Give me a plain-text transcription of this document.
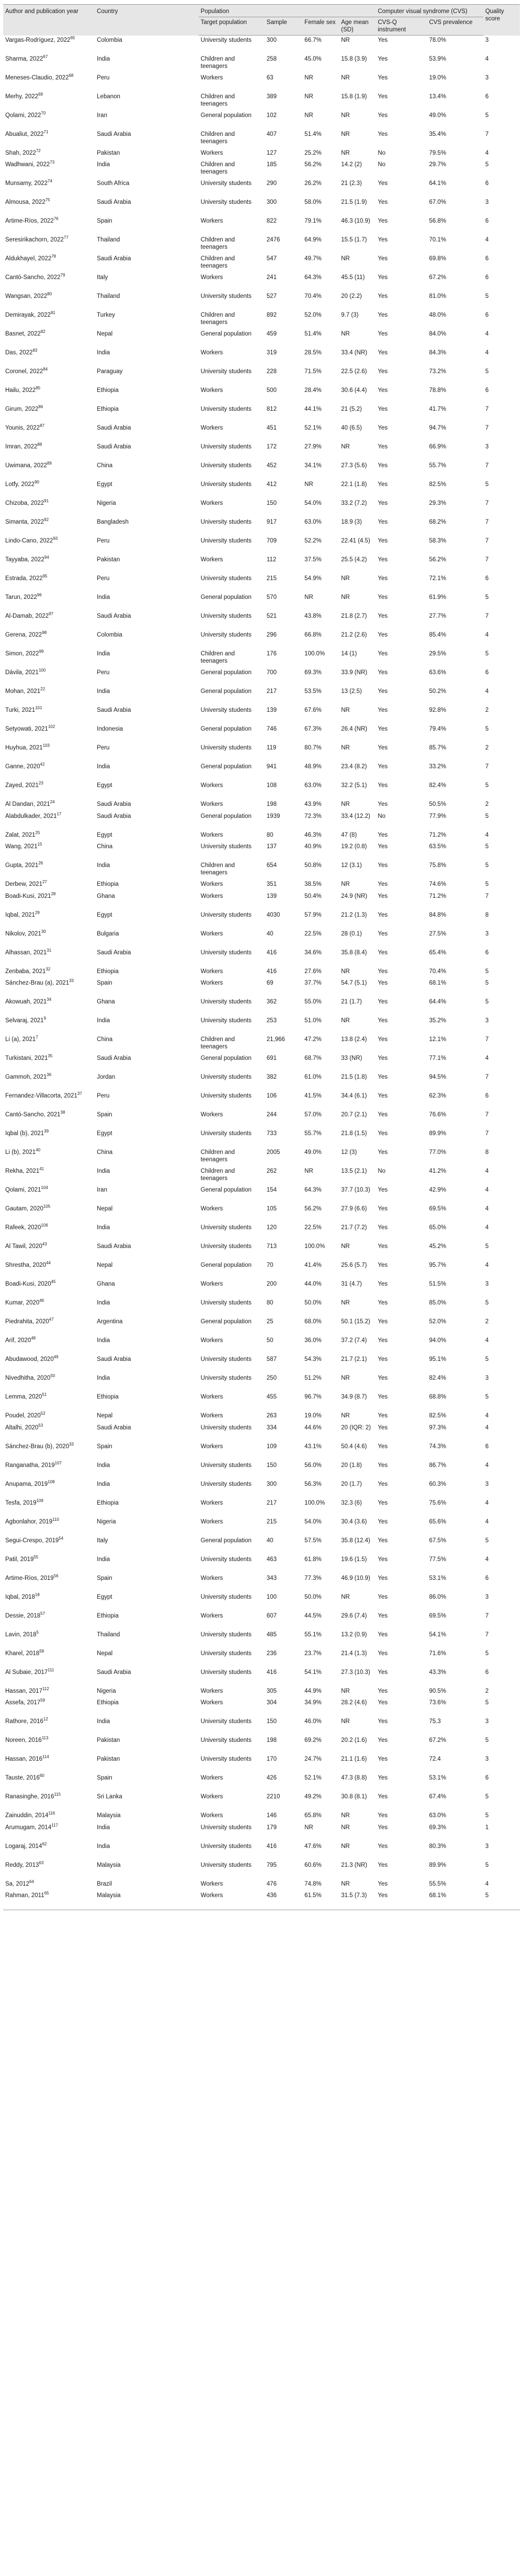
Author and publication year	Country	Population				Computer visual syndrome (CVS)		Quality score
		Target population	Sample	Female sex	Age mean (SD)	CVS-Q instrument	CVS prevalence	
Vargas-Rodríguez, 2022$^{65}$	Colombia	University students	300	66.7%	NR	Yes	78.0%	3
Sharma, 2022$^{67}$	India	Children and teenagers	258	45.0%	15.8 (3.9)	Yes	53.9%	4
Meneses-Claudio, 2022$^{68}$	Peru	Workers	63	NR	NR	Yes	19.0%	3
Merhy, 2022$^{69}$	Lebanon	Children and teenagers	389	NR	15.8 (1.9)	Yes	13.4%	6
Qolami, 2022$^{70}$	Iran	General population	102	NR	NR	Yes	49.0%	5
Abualiut, 2022$^{71}$	Saudi Arabia	Children and teenagers	407	51.4%	NR	Yes	35.4%	7
Shah, 2022$^{72}$	Pakistan	Workers	127	25.2%	NR	No	79.5%	4
Wadhwani, 2022$^{73}$	India	Children and teenagers	185	56.2%	14.2 (2)	No	29.7%	5
Munsamy, 2022$^{74}$	South Africa	University students	290	26.2%	21 (2.3)	Yes	64.1%	6
Almousa, 2022$^{75}$	Saudi Arabia	University students	300	58.0%	21.5 (1.9)	Yes	67.0%	3
Artime-Ríos, 2022$^{76}$	Spain	Workers	822	79.1%	46.3 (10.9)	Yes	56.8%	6
Seresirikachorn, 2022$^{77}$	Thailand	Children and teenagers	2476	64.9%	15.5 (1.7)	Yes	70.1%	4
Aldukhayel, 2022$^{78}$	Saudi Arabia	Children and teenagers	547	49.7%	NR	Yes	69.8%	6
Cantó-Sancho, 2022$^{79}$	Italy	Workers	241	64.3%	45.5 (11)	Yes	67.2%	6
Wangsan, 2022$^{80}$	Thailand	University students	527	70.4%	20 (2.2)	Yes	81.0%	5
Demirayak, 2022$^{81}$	Turkey	Children and teenagers	892	52.0%	9.7 (3)	Yes	48.0%	6
Basnet, 2022$^{82}$	Nepal	General population	459	51.4%	NR	Yes	84.0%	4
Das, 2022$^{83}$	India	Workers	319	28.5%	33.4 (NR)	Yes	84.3%	4
Coronel, 2022$^{84}$	Paraguay	University students	228	71.5%	22.5 (2.6)	Yes	73.2%	5
Hailu, 2022$^{85}$	Ethiopia	Workers	500	28.4%	30.6 (4.4)	Yes	78.8%	6
Girum, 2022$^{86}$	Ethiopia	University students	812	44.1%	21 (5.2)	Yes	41.7%	7
Younis, 2022$^{87}$	Saudi Arabia	Workers	451	52.1%	40 (6.5)	Yes	94.7%	7
Imran, 2022$^{88}$	Saudi Arabia	University students	172	27.9%	NR	Yes	66.9%	3
Uwimana, 2022$^{89}$	China	University students	452	34.1%	27.3 (5.6)	Yes	55.7%	7
Lotfy, 2022$^{90}$	Egypt	University students	412	NR	22.1 (1.8)	Yes	82.5%	5
Chizoba, 2022$^{91}$	Nigeria	Workers	150	54.0%	33.2 (7.2)	Yes	29.3%	7
Simanta, 2022$^{92}$	Bangladesh	University students	917	63.0%	18.9 (3)	Yes	68.2%	7
Lindo-Cano, 2022$^{93}$	Peru	University students	709	52.2%	22.41 (4.5)	Yes	58.3%	7
Tayyaba, 2022$^{94}$	Pakistan	Workers	112	37.5%	25.5 (4.2)	Yes	56.2%	7
Estrada, 2022$^{95}$	Peru	University students	215	54.9%	NR	Yes	72.1%	6
Tarun, 2022$^{96}$	India	General population	570	NR	NR	Yes	61.9%	5
Al-Damab, 2022$^{97}$	Saudi Arabia	University students	521	43.8%	21.8 (2.7)	Yes	27.7%	7
Gerena, 2022$^{98}$	Colombia	University students	296	66.8%	21.2 (2.6)	Yes	85.4%	4
Simon, 2022$^{99}$	India	Children and teenagers	176	100.0%	14 (1)	Yes	29.5%	5
Dávila, 2021$^{100}$	Peru	General population	700	69.3%	33.9 (NR)	Yes	63.6%	6
Mohan, 2021$^{22}$	India	General population	217	53.5%	13 (2.5)	Yes	50.2%	4
Turki, 2021$^{101}$	Saudi Arabia	University students	139	67.6%	NR	Yes	92.8%	2
Setyowati, 2021$^{102}$	Indonesia	General population	746	67.3%	26.4 (NR)	Yes	79.4%	5
Huyhua, 2021$^{103}$	Peru	University students	119	80.7%	NR	Yes	85.7%	2
Ganne, 2020$^{42}$	India	General population	941	48.9%	23.4 (8.2)	Yes	33.2%	7
Zayed, 2021$^{23}$	Egypt	Workers	108	63.0%	32.2 (5.1)	Yes	82.4%	5
Al Dandan, 2021$^{24}$	Saudi Arabia	Workers	198	43.9%	NR	Yes	50.5%	2
Alabdulkader, 2021$^{17}$	Saudi Arabia	General population	1939	72.3%	33.4 (12.2)	No	77.9%	5
Zalat, 2021$^{25}$	Egypt	Workers	80	46.3%	47 (8)	Yes	71.2%	4
Wang, 2021$^{15}$	China	University students	137	40.9%	19.2 (0.8)	Yes	63.5%	5
Gupta, 2021$^{26}$	India	Children and teenagers	654	50.8%	12 (3.1)	Yes	75.8%	5
Derbew, 2021$^{27}$	Ethiopia	Workers	351	38.5%	NR	Yes	74.6%	5
Boadi-Kusi, 2021$^{28}$	Ghana	Workers	139	50.4%	24.9 (NR)	Yes	71.2%	7
Iqbal, 2021$^{29}$	Egypt	University students	4030	57.9%	21.2 (1.3)	Yes	84.8%	8
Nikolov, 2021$^{30}$	Bulgaria	Workers	40	22.5%	28 (0.1)	Yes	27.5%	3
Alhassan, 2021$^{31}$	Saudi Arabia	University students	416	34.6%	35.8 (8.4)	Yes	65.4%	6
Zenbaba, 2021$^{32}$	Ethiopia	Workers	416	27.6%	NR	Yes	70.4%	5
Sánchez-Brau (a), 2021$^{33}$	Spain	Workers	69	37.7%	54.7 (5.1)	Yes	68.1%	5
Akowuah, 2021$^{34}$	Ghana	University students	362	55.0%	21 (1.7)	Yes	64.4%	5
Selvaraj, 2021$^9$	India	University students	253	51.0%	NR	Yes	35.2%	3
Li (a), 2021$^7$	China	Children and teenagers	21,966	47.2%	13.8 (2.4)	Yes	12.1%	7
Turkistani, 2021$^{35}$	Saudi Arabia	General population	691	68.7%	33 (NR)	Yes	77.1%	4
Gammoh, 2021$^{36}$	Jordan	University students	382	61.0%	21.5 (1.8)	Yes	94.5%	7
Fernandez-Villacorta, 2021$^{37}$	Peru	University students	106	41.5%	34.4 (6.1)	Yes	62.3%	6
Cantó-Sancho, 2021$^{38}$	Spain	Workers	244	57.0%	20.7 (2.1)	Yes	76.6%	7
Iqbal (b), 2021$^{39}$	Egypt	University students	733	55.7%	21.8 (1.5)	Yes	89.9%	7
Li (b), 2021$^{40}$	China	Children and teenagers	2005	49.0%	12 (3)	Yes	77.0%	8
Rekha, 2021$^{41}$	India	Children and teenagers	262	NR	13.5 (2.1)	No	41.2%	4
Qolami, 2021$^{104}$	Iran	General population	154	64.3%	37.7 (10.3)	Yes	42.9%	4
Gautam, 2020$^{105}$	Nepal	Workers	105	56.2%	27.9 (6.6)	Yes	69.5%	4
Rafeek, 2020$^{106}$	India	University students	120	22.5%	21.7 (7.2)	Yes	65.0%	4
Al Tawil, 2020$^{43}$	Saudi Arabia	University students	713	100.0%	NR	Yes	45.2%	5
Shrestha, 2020$^{44}$	Nepal	General population	70	41.4%	25.6 (5.7)	Yes	95.7%	4
Boadi-Kusi, 2020$^{45}$	Ghana	Workers	200	44.0%	31 (4.7)	Yes	51.5%	3
Kumar, 2020$^{46}$	India	University students	80	50.0%	NR	Yes	85.0%	5
Piedrahita, 2020$^{47}$	Argentina	General population	25	68.0%	50.1 (15.2)	Yes	52.0%	2
Arif, 2020$^{48}$	India	Workers	50	36.0%	37.2 (7.4)	Yes	94.0%	4
Abudawood, 2020$^{49}$	Saudi Arabia	University students	587	54.3%	21.7 (2.1)	Yes	95.1%	5
Nivedhitha, 2020$^{50}$	India	University students	250	51.2%	NR	Yes	82.4%	3
Lemma, 2020$^{51}$	Ethiopia	Workers	455	96.7%	34.9 (8.7)	Yes	68.8%	5
Poudel, 2020$^{52}$	Nepal	Workers	263	19.0%	NR	Yes	82.5%	4
Altalhi, 2020$^{53}$	Saudi Arabia	University students	334	44.6%	20 (IQR: 2)	Yes	97.3%	4
Sánchez-Brau (b), 2020$^{33}$	Spain	Workers	109	43.1%	50.4 (4.6)	Yes	74.3%	6
Ranganatha, 2019$^{107}$	India	University students	150	56.0%	20 (1.8)	Yes	86.7%	4
Anupama, 2019$^{108}$	India	University students	300	56.3%	20 (1.7)	Yes	60.3%	3
Tesfa, 2019$^{109}$	Ethiopia	Workers	217	100.0%	32.3 (6)	Yes	75.6%	4
Agbonlahor, 2019$^{110}$	Nigeria	Workers	215	54.0%	30.4 (3.6)	Yes	65.6%	4
Segui-Crespo, 2019$^{54}$	Italy	General population	40	57.5%	35.8 (12.4)	Yes	67.5%	5
Patil, 2019$^{55}$	India	University students	463	61.8%	19.6 (1.5)	Yes	77.5%	4
Artime-Ríos, 2019$^{56}$	Spain	Workers	343	77.3%	46.9 (10.9)	Yes	53.1%	6
Iqbal, 2018$^{18}$	Egypt	University students	100	50.0%	NR	Yes	86.0%	3
Dessie, 2018$^{57}$	Ethiopia	Workers	607	44.5%	29.6 (7.4)	Yes	69.5%	7
Lavin, 2018$^5$	Thailand	University students	485	55.1%	13.2 (0.9)	Yes	54.1%	7
Kharel, 2018$^{58}$	Nepal	University students	236	23.7%	21.4 (1.3)	Yes	71.6%	5
Al Subaie, 2017$^{111}$	Saudi Arabia	University students	416	54.1%	27.3 (10.3)	Yes	43.3%	6
Hassan, 2017$^{112}$	Nigeria	Workers	305	44.9%	NR	Yes	90.5%	2
Assefa, 2017$^{59}$	Ethiopia	Workers	304	34.9%	28.2 (4.6)	Yes	73.6%	5
Rathore, 2016$^{12}$	India	University students	150	46.0%	NR	Yes	75.3	3
Noreen, 2016$^{113}$	Pakistan	University students	198	69.2%	20.2 (1.6)	Yes	67.2%	5
Hassan, 2016$^{114}$	Pakistan	University students	170	24.7%	21.1 (1.6)	Yes	72.4	3
Tauste, 2016$^{60}$	Spain	Workers	426	52.1%	47.3 (8.8)	Yes	53.1%	6
Ranasinghe, 2016$^{115}$	Sri Lanka	Workers	2210	49.2%	30.8 (8.1)	Yes	67.4%	5
Zainuddin, 2014$^{116}$	Malaysia	Workers	146	65.8%	NR	Yes	63.0%	5
Arumugam, 2014$^{117}$	India	University students	179	NR	NR	Yes	69.3%	1
Logaraj, 2014$^{62}$	India	University students	416	47.6%	NR	Yes	80.3%	3
Reddy, 2013$^{63}$	Malaysia	University students	795	60.6%	21.3 (NR)	Yes	89.9%	5
Sa, 2012$^{64}$	Brazil	Workers	476	74.8%	NR	Yes	55.5%	4
Rahman, 2011$^{65}$	Malaysia	Workers	436	61.5%	31.5 (7.3)	Yes	68.1%	5
